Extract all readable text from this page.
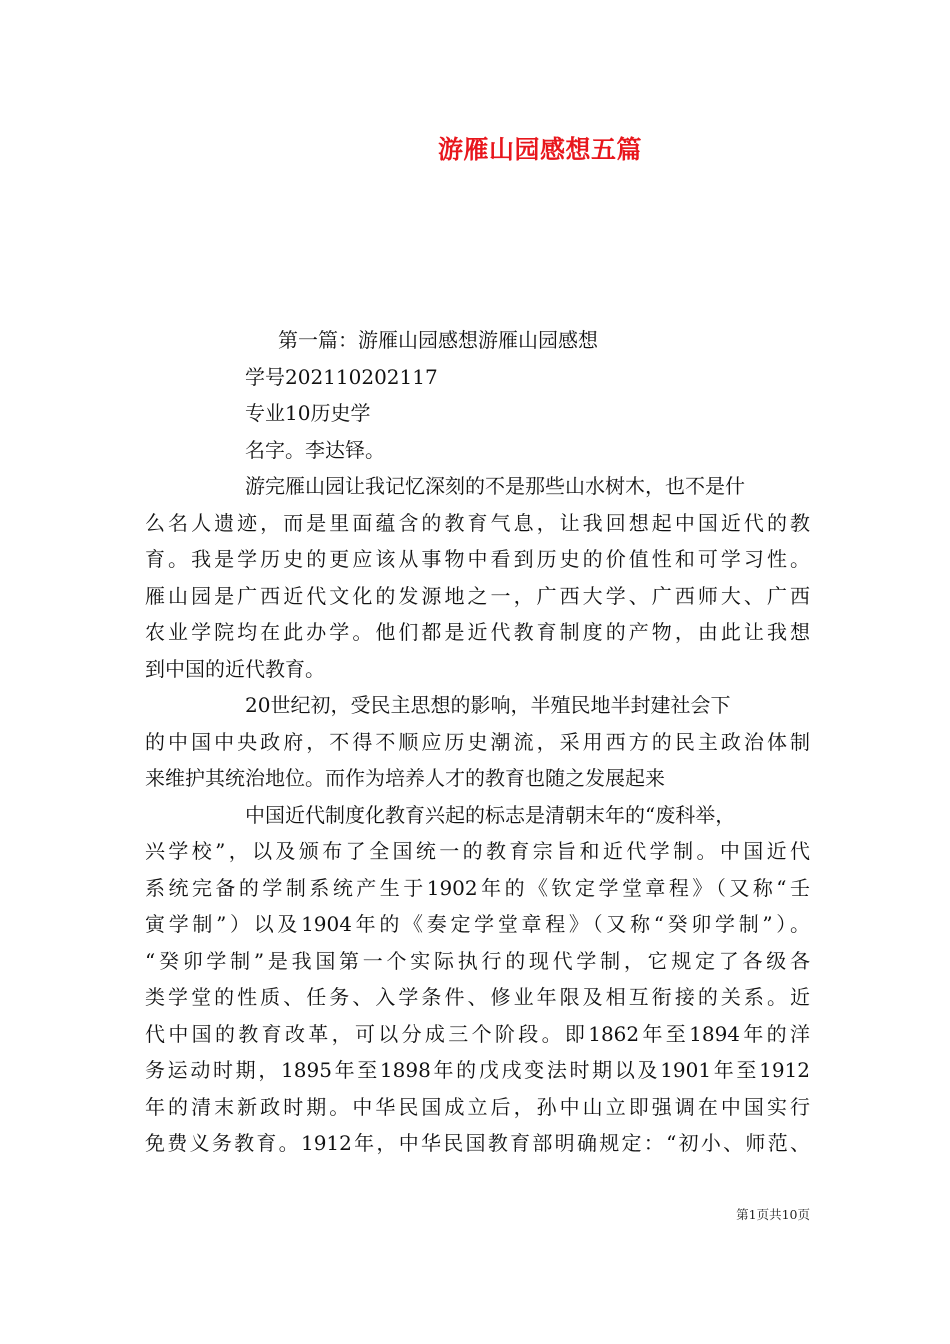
游雁山园感想五篇
第一篇：游雁山园感想游雁山园感想
学号202110202117
专业10历史学
名字。李达铎。
游完雁山园让我记忆深刻的不是那些山水树木，也不是什
么名人遗迹，而是里面蕴含的教育气息，让我回想起中国近代的教
育。我是学历史的更应该从事物中看到历史的价值性和可学习性。
雁山园是广西近代文化的发源地之一，广西大学、广西师大、广西
农业学院均在此办学。他们都是近代教育制度的产物，由此让我想
到中国的近代教育。
20世纪初，受民主思想的影响，半殖民地半封建社会下
的中国中央政府，不得不顺应历史潮流，采用西方的民主政治体制
来维护其统治地位。而作为培养人才的教育也随之发展起来
中国近代制度化教育兴起的标志是清朝末年的“废科举，
兴学校”，以及颁布了全国统一的教育宗旨和近代学制。中国近代
系统完备的学制系统产生于1902年的《钦定学堂章程》（又称“壬
寅学制”）以及1904年的《奏定学堂章程》（又称“癸卯学制”）。
“癸卯学制”是我国第一个实际执行的现代学制，它规定了各级各
类学堂的性质、任务、入学条件、修业年限及相互衔接的关系。近
代中国的教育改革，可以分成三个阶段。即1862年至1894年的洋
务运动时期，1895年至1898年的戊戌变法时期以及1901年至1912
年的清末新政时期。中华民国成立后，孙中山立即强调在中国实行
免费义务教育。1912年，中华民国教育部明确规定：“初小、师范、
第1页共10页
